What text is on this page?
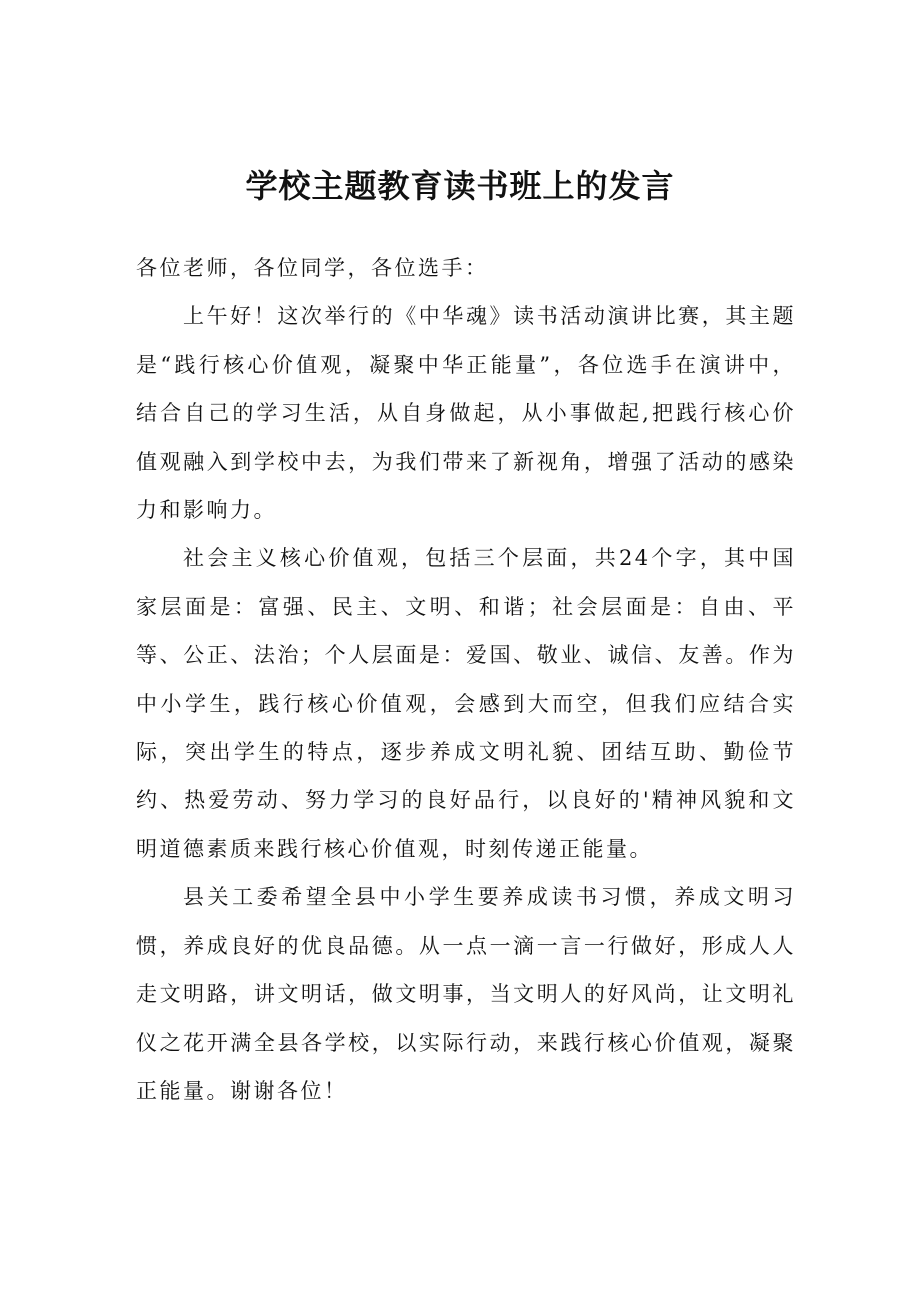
学校主题教育读书班上的发言

各位老师，各位同学，各位选手：

上午好！这次举行的《中华魂》读书活动演讲比赛，其主题是“践行核心价值观，凝聚中华正能量”，各位选手在演讲中，结合自己的学习生活，从自身做起，从小事做起,把践行核心价值观融入到学校中去，为我们带来了新视角，增强了活动的感染力和影响力。

社会主义核心价值观，包括三个层面，共24个字，其中国家层面是：富强、民主、文明、和谐；社会层面是：自由、平等、公正、法治；个人层面是：爱国、敬业、诚信、友善。作为中小学生，践行核心价值观，会感到大而空，但我们应结合实际，突出学生的特点，逐步养成文明礼貌、团结互助、勤俭节约、热爱劳动、努力学习的良好品行，以良好的'精神风貌和文明道德素质来践行核心价值观，时刻传递正能量。

县关工委希望全县中小学生要养成读书习惯，养成文明习惯，养成良好的优良品德。从一点一滴一言一行做好，形成人人走文明路，讲文明话，做文明事，当文明人的好风尚，让文明礼仪之花开满全县各学校，以实际行动，来践行核心价值观，凝聚正能量。谢谢各位！
